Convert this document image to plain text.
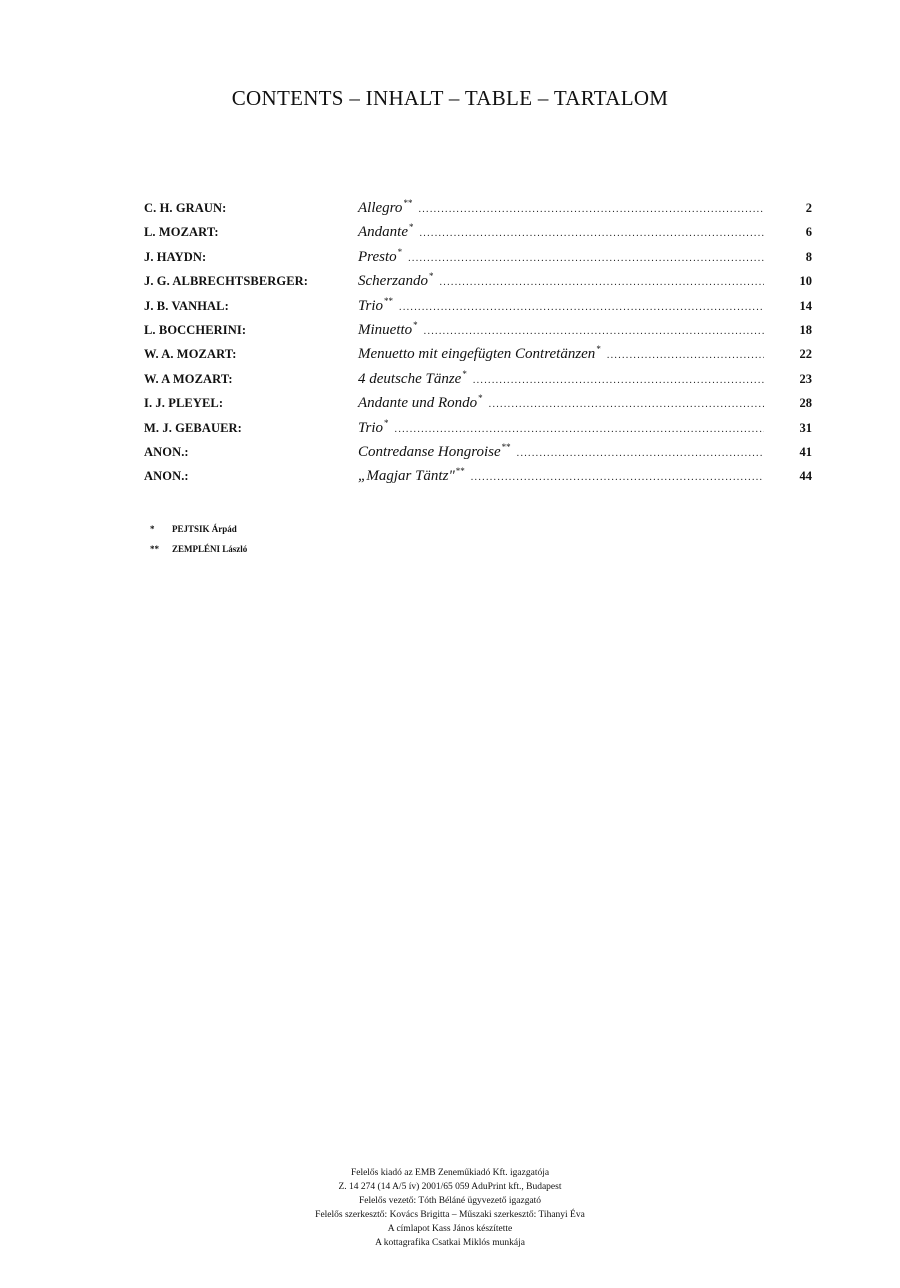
CONTENTS – INHALT – TABLE – TARTALOM
C. H. GRAUN:	Allegro** .....	2
L. MOZART:	Andante* .....	6
J. HAYDN:	Presto* .....	8
J. G. ALBRECHTSBERGER:	Scherzando* .....	10
J. B. VANHAL:	Trio** .....	14
L. BOCCHERINI:	Minuetto* .....	18
W. A. MOZART:	Menuetto mit eingefügten Contretänzen* .....	22
W. A MOZART:	4 deutsche Tänze* .....	23
I. J. PLEYEL:	Andante und Rondo* .....	28
M. J. GEBAUER:	Trio* .....	31
ANON.:	Contredanse Hongroise** .....	41
ANON.:	„Magjar Täntz"** .....	44
*	PEJTSIK Árpád
**	ZEMPLÉNI László
Felelős kiadó az EMB Zeneműkiadó Kft. igazgatója
Z. 14 274 (14 A/5 ív) 2001/65 059 AduPrint kft., Budapest
Felelős vezető: Tóth Béláné ügyvezető igazgató
Felelős szerkesztő: Kovács Brigitta – Műszaki szerkesztő: Tihanyi Éva
A címlapot Kass János készítette
A kottagrafika Csatkai Miklós munkája
